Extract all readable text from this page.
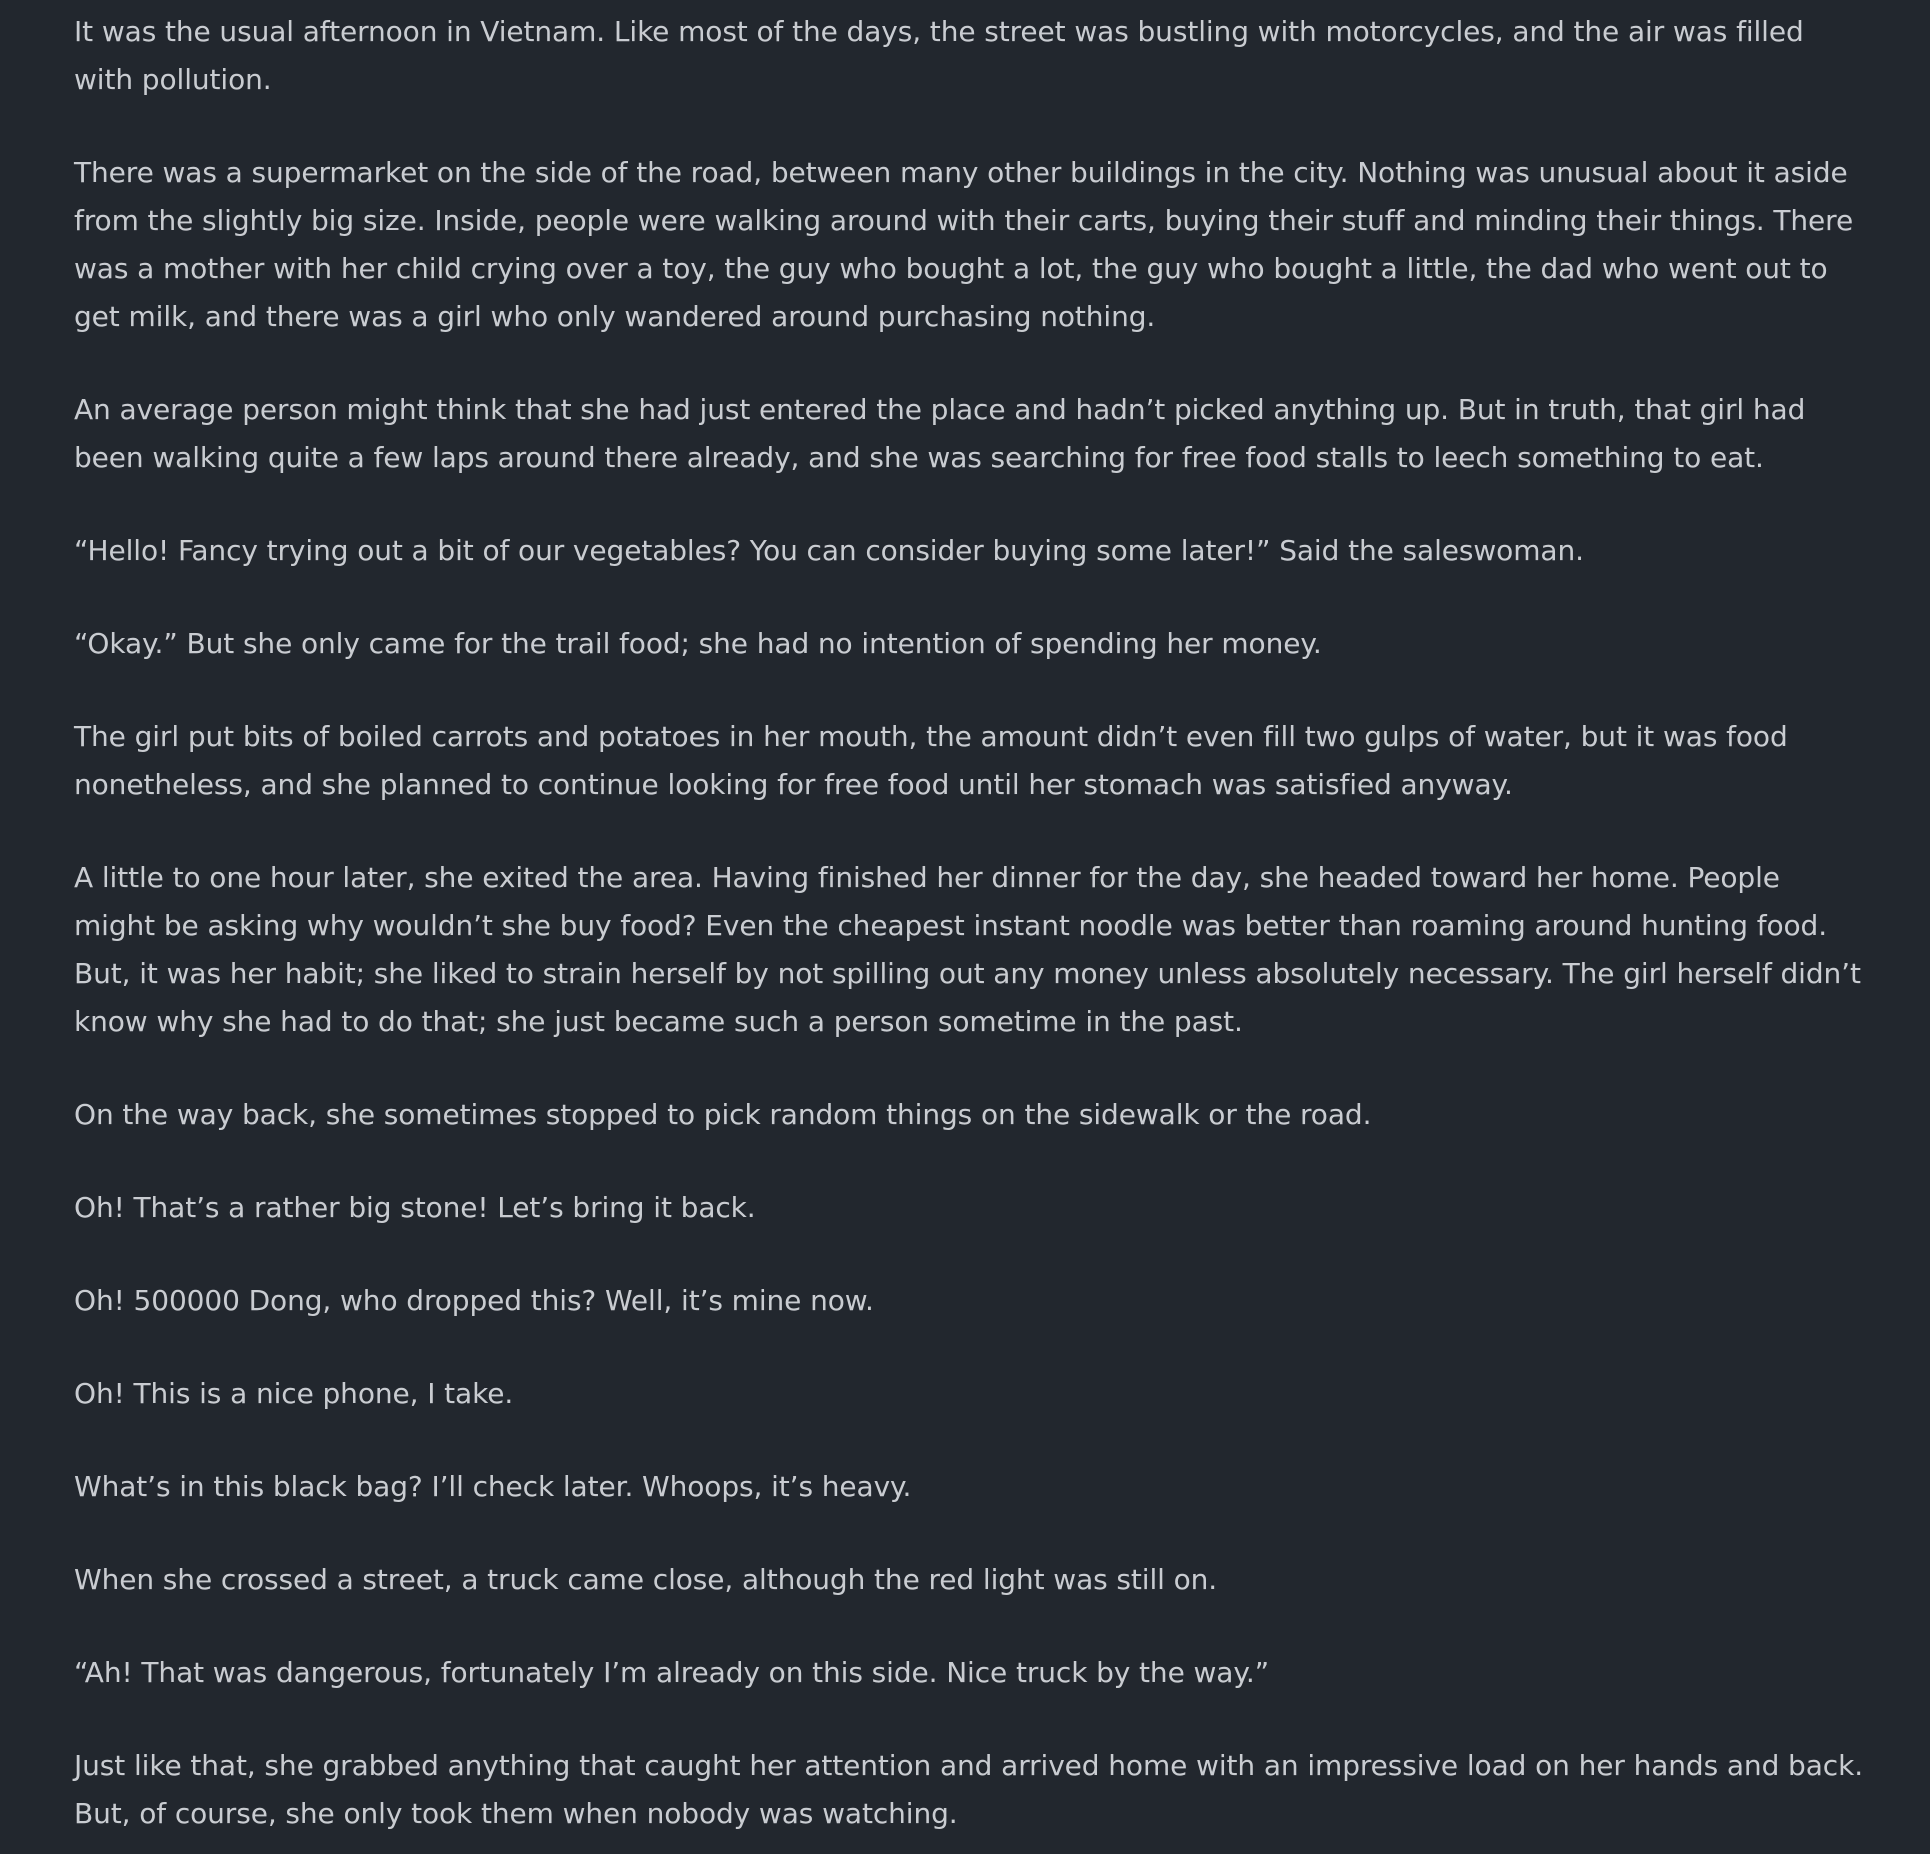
It was the usual afternoon in Vietnam. Like most of the days, the street was bustling with motorcycles, and the air was filled with pollution.

There was a supermarket on the side of the road, between many other buildings in the city. Nothing was unusual about it aside from the slightly big size. Inside, people were walking around with their carts, buying their stuff and minding their things. There was a mother with her child crying over a toy, the guy who bought a lot, the guy who bought a little, the dad who went out to get milk, and there was a girl who only wandered around purchasing nothing.

An average person might think that she had just entered the place and hadn’t picked anything up. But in truth, that girl had been walking quite a few laps around there already, and she was searching for free food stalls to leech something to eat.

“Hello! Fancy trying out a bit of our vegetables? You can consider buying some later!” Said the saleswoman.

“Okay.” But she only came for the trail food; she had no intention of spending her money.

The girl put bits of boiled carrots and potatoes in her mouth, the amount didn’t even fill two gulps of water, but it was food nonetheless, and she planned to continue looking for free food until her stomach was satisfied anyway.

A little to one hour later, she exited the area. Having finished her dinner for the day, she headed toward her home. People might be asking why wouldn’t she buy food? Even the cheapest instant noodle was better than roaming around hunting food. But, it was her habit; she liked to strain herself by not spilling out any money unless absolutely necessary. The girl herself didn’t know why she had to do that; she just became such a person sometime in the past.

On the way back, she sometimes stopped to pick random things on the sidewalk or the road.

Oh! That’s a rather big stone! Let’s bring it back.

Oh! 500000 Dong, who dropped this? Well, it’s mine now.

Oh! This is a nice phone, I take.

What’s in this black bag? I’ll check later. Whoops, it’s heavy.

When she crossed a street, a truck came close, although the red light was still on.

“Ah! That was dangerous, fortunately I’m already on this side. Nice truck by the way.”

Just like that, she grabbed anything that caught her attention and arrived home with an impressive load on her hands and back. But, of course, she only took them when nobody was watching.
